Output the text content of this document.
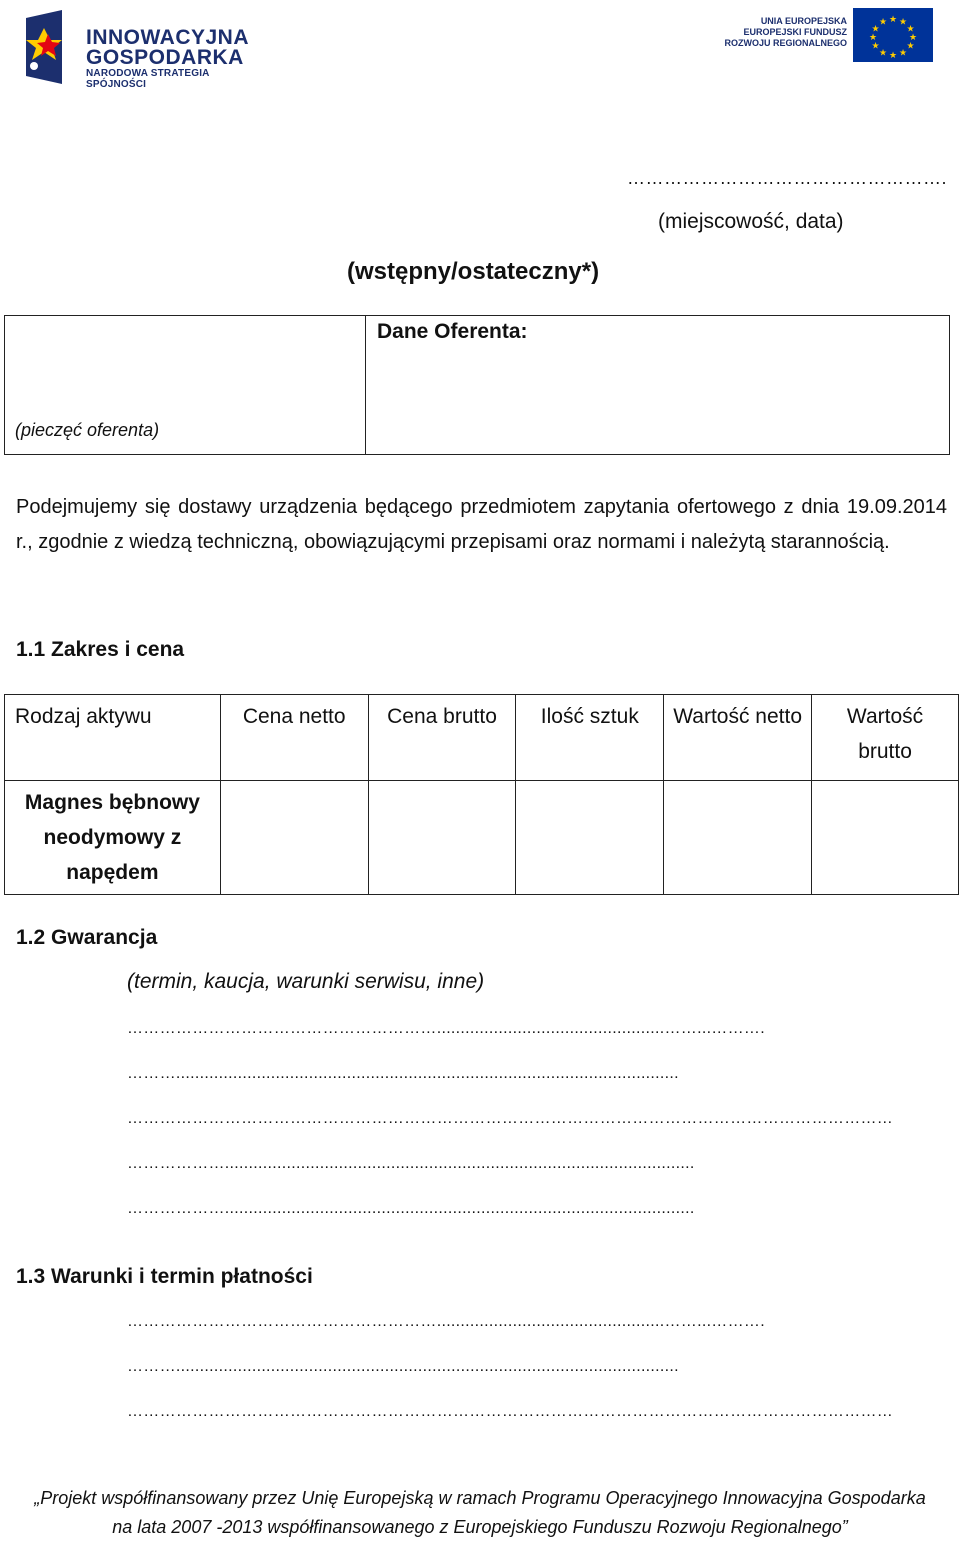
INNOWACYJNA
GOSPODARKA
NARODOWA STRATEGIA SPÓJNOŚCI
UNIA EUROPEJSKA
EUROPEJSKI FUNDUSZ
ROZWOJU REGIONALNEGO
★ ★
★
★
★
★
★
★
★
★
★
★
…………………………………………….
(miejscowość, data)
(wstępny/ostateczny*)
Dane Oferenta:
(pieczęć oferenta)
Podejmujemy się dostawy urządzenia będącego przedmiotem zapytania ofertowego z dnia 19.09.2014 r., zgodnie z wiedzą techniczną, obowiązującymi przepisami oraz normami i należytą starannością.
1.1 Zakres i cena
Rodzaj aktywu	Cena netto	Cena brutto	Ilość sztuk	Wartość netto	Wartość brutto
Magnes bębnowy neodymowy z napędem					
1.2 Gwarancja
(termin, kaucja, warunki serwisu, inne)
…………………………………………………................................................……...……….
………..........................................................................................................
……………………………………………………………………………………………………………………………
………………...................................................................................................
………………...................................................................................................
1.3 Warunki i termin płatności
…………………………………………………................................................……...……….
………..........................................................................................................
……………………………………………………………………………………………………………………………
„Projekt współfinansowany przez Unię Europejską w ramach Programu Operacyjnego Innowacyjna Gospodarka
na lata 2007 -2013 współfinansowanego z Europejskiego Funduszu Rozwoju Regionalnego”
